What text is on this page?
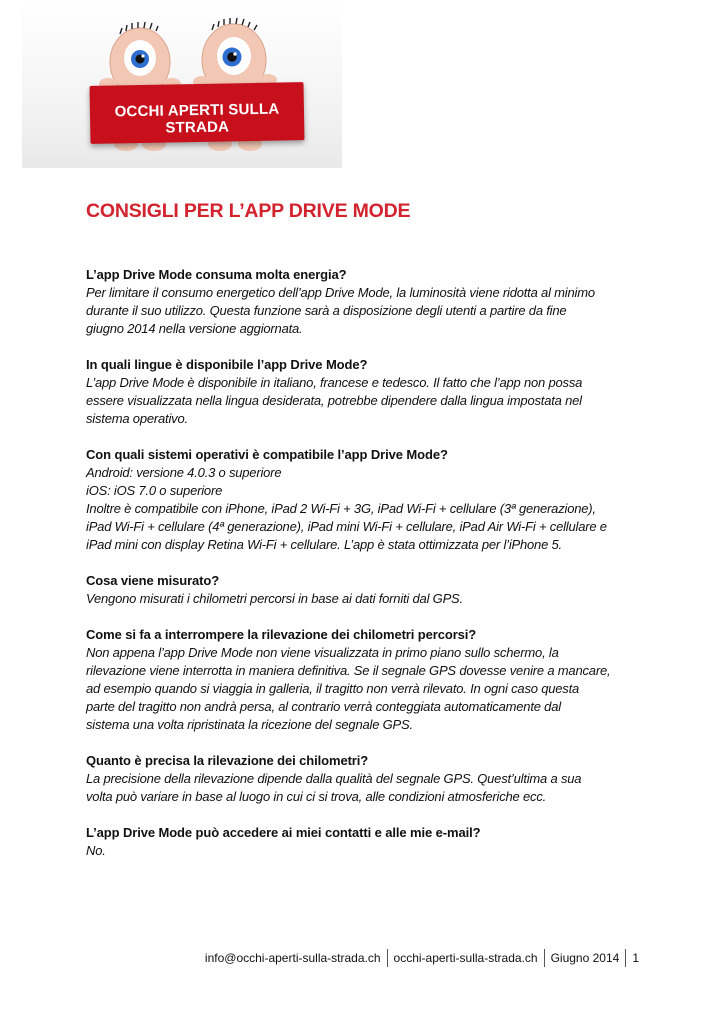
OCCHI APERTI SULLA STRADA
CONSIGLI PER L’APP DRIVE MODE
L’app Drive Mode consuma molta energia?
Per limitare il consumo energetico dell’app Drive Mode, la luminosità viene ridotta al minimo
durante il suo utilizzo. Questa funzione sarà a disposizione degli utenti a partire da fine
giugno 2014 nella versione aggiornata.
In quali lingue è disponibile l’app Drive Mode?
L’app Drive Mode è disponibile in italiano, francese e tedesco. Il fatto che l’app non possa
essere visualizzata nella lingua desiderata, potrebbe dipendere dalla lingua impostata nel
sistema operativo.
Con quali sistemi operativi è compatibile l’app Drive Mode?
Android: versione 4.0.3 o superiore
iOS: iOS 7.0 o superiore
Inoltre è compatibile con iPhone, iPad 2 Wi-Fi + 3G, iPad Wi-Fi + cellulare (3ª generazione),
iPad Wi-Fi + cellulare (4ª generazione), iPad mini Wi-Fi + cellulare, iPad Air Wi-Fi + cellulare e
iPad mini con display Retina Wi-Fi + cellulare. L’app è stata ottimizzata per l’iPhone 5.
Cosa viene misurato?
Vengono misurati i chilometri percorsi in base ai dati forniti dal GPS.
Come si fa a interrompere la rilevazione dei chilometri percorsi?
Non appena l’app Drive Mode non viene visualizzata in primo piano sullo schermo, la
rilevazione viene interrotta in maniera definitiva. Se il segnale GPS dovesse venire a mancare,
ad esempio quando si viaggia in galleria, il tragitto non verrà rilevato. In ogni caso questa
parte del tragitto non andrà persa, al contrario verrà conteggiata automaticamente dal
sistema una volta ripristinata la ricezione del segnale GPS.
Quanto è precisa la rilevazione dei chilometri?
La precisione della rilevazione dipende dalla qualità del segnale GPS. Quest’ultima a sua
volta può variare in base al luogo in cui ci si trova, alle condizioni atmosferiche ecc.
L’app Drive Mode può accedere ai miei contatti e alle mie e-mail?
No.
info@occhi-aperti-sulla-strada.ch occhi-aperti-sulla-strada.ch Giugno 2014 1
